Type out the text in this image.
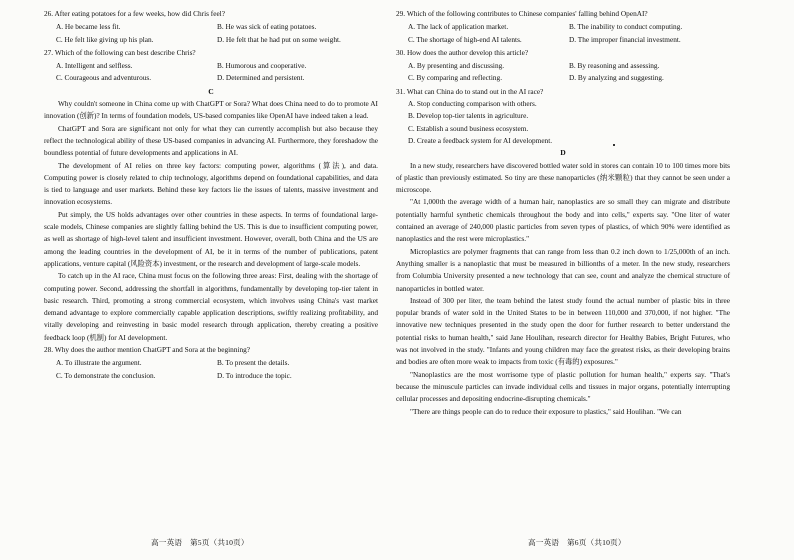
26. After eating potatoes for a few weeks, how did Chris feel?

A. He became less fit.	B. He was sick of eating potatoes.
C. He felt like giving up his plan.	D. He felt that he had put on some weight.

27. Which of the following can best describe Chris?

A. Intelligent and selfless.	B. Humorous and cooperative.
C. Courageous and adventurous.	D. Determined and persistent.

C

Why couldn't someone in China come up with ChatGPT or Sora? What does China need to do to promote AI innovation (创新)? In terms of foundation models, US-based companies like OpenAI have indeed taken a lead.

ChatGPT and Sora are significant not only for what they can currently accomplish but also because they reflect the technological ability of these US-based companies in advancing AI. Furthermore, they foreshadow the boundless potential of future developments and applications in AI.

The development of AI relies on three key factors: computing power, algorithms (算法), and data. Computing power is closely related to chip technology, algorithms depend on foundational capabilities, and data is tied to language and user markets. Behind these key factors lie the issues of talents, massive investment and innovation ecosystems.

Put simply, the US holds advantages over other countries in these aspects. In terms of foundational large-scale models, Chinese companies are slightly falling behind the US. This is due to insufficient computing power, as well as shortage of high-level talent and insufficient investment. However, overall, both China and the US are among the leading countries in the development of AI, be it in terms of the number of publications, patent applications, venture capital (风险资本) investment, or the research and development of large-scale models.

To catch up in the AI race, China must focus on the following three areas: First, dealing with the shortage of computing power. Second, addressing the shortfall in algorithms, fundamentally by developing top-tier talent in basic research. Third, promoting a strong commercial ecosystem, which involves using China's vast market demand advantage to explore commercially capable application descriptions, swiftly realizing profitability, and vitally developing and reinvesting in basic model research through application, thereby creating a positive feedback loop (机制) for AI development.

28. Why does the author mention ChatGPT and Sora at the beginning?

A. To illustrate the argument.	B. To present the details.
C. To demonstrate the conclusion.	D. To introduce the topic.

29. Which of the following contributes to Chinese companies' falling behind OpenAI?

A. The lack of application market.	B. The inability to conduct computing.
C. The shortage of high-end AI talents.	D. The improper financial investment.

30. How does the author develop this article?

A. By presenting and discussing.	B. By reasoning and assessing.
C. By comparing and reflecting.	D. By analyzing and suggesting.

31. What can China do to stand out in the AI race?

A. Stop conducting comparison with others.

B. Develop top-tier talents in agriculture.

C. Establish a sound business ecosystem.

D. Create a feedback system for AI development.

D

In a new study, researchers have discovered bottled water sold in stores can contain 10 to 100 times more bits of plastic than previously estimated. So tiny are these nanoparticles (纳米颗粒) that they cannot be seen under a microscope.

"At 1,000th the average width of a human hair, nanoplastics are so small they can migrate and distribute potentially harmful synthetic chemicals throughout the body and into cells," experts say. "One liter of water contained an average of 240,000 plastic particles from seven types of plastics, of which 90% were identified as nanoplastics and the rest were microplastics."

Microplastics are polymer fragments that can range from less than 0.2 inch down to 1/25,000th of an inch. Anything smaller is a nanoplastic that must be measured in billionths of a meter. In the new study, researchers from Columbia University presented a new technology that can see, count and analyze the chemical structure of nanoparticles in bottled water.

Instead of 300 per liter, the team behind the latest study found the actual number of plastic bits in three popular brands of water sold in the United States to be in between 110,000 and 370,000, if not higher. "The innovative new techniques presented in the study open the door for further research to better understand the potential risks to human health," said Jane Houlihan, research director for Healthy Babies, Bright Futures, who was not involved in the study. "Infants and young children may face the greatest risks, as their developing brains and bodies are often more weak to impacts from toxic (有毒的) exposures."

"Nanoplastics are the most worrisome type of plastic pollution for human health," experts say. "That's because the minuscule particles can invade individual cells and tissues in major organs, potentially interrupting cellular processes and depositing endocrine-disrupting chemicals."

"There are things people can do to reduce their exposure to plastics," said Houlihan. "We can

高一英语　第5页（共10页）	高一英语　第6页（共10页）
